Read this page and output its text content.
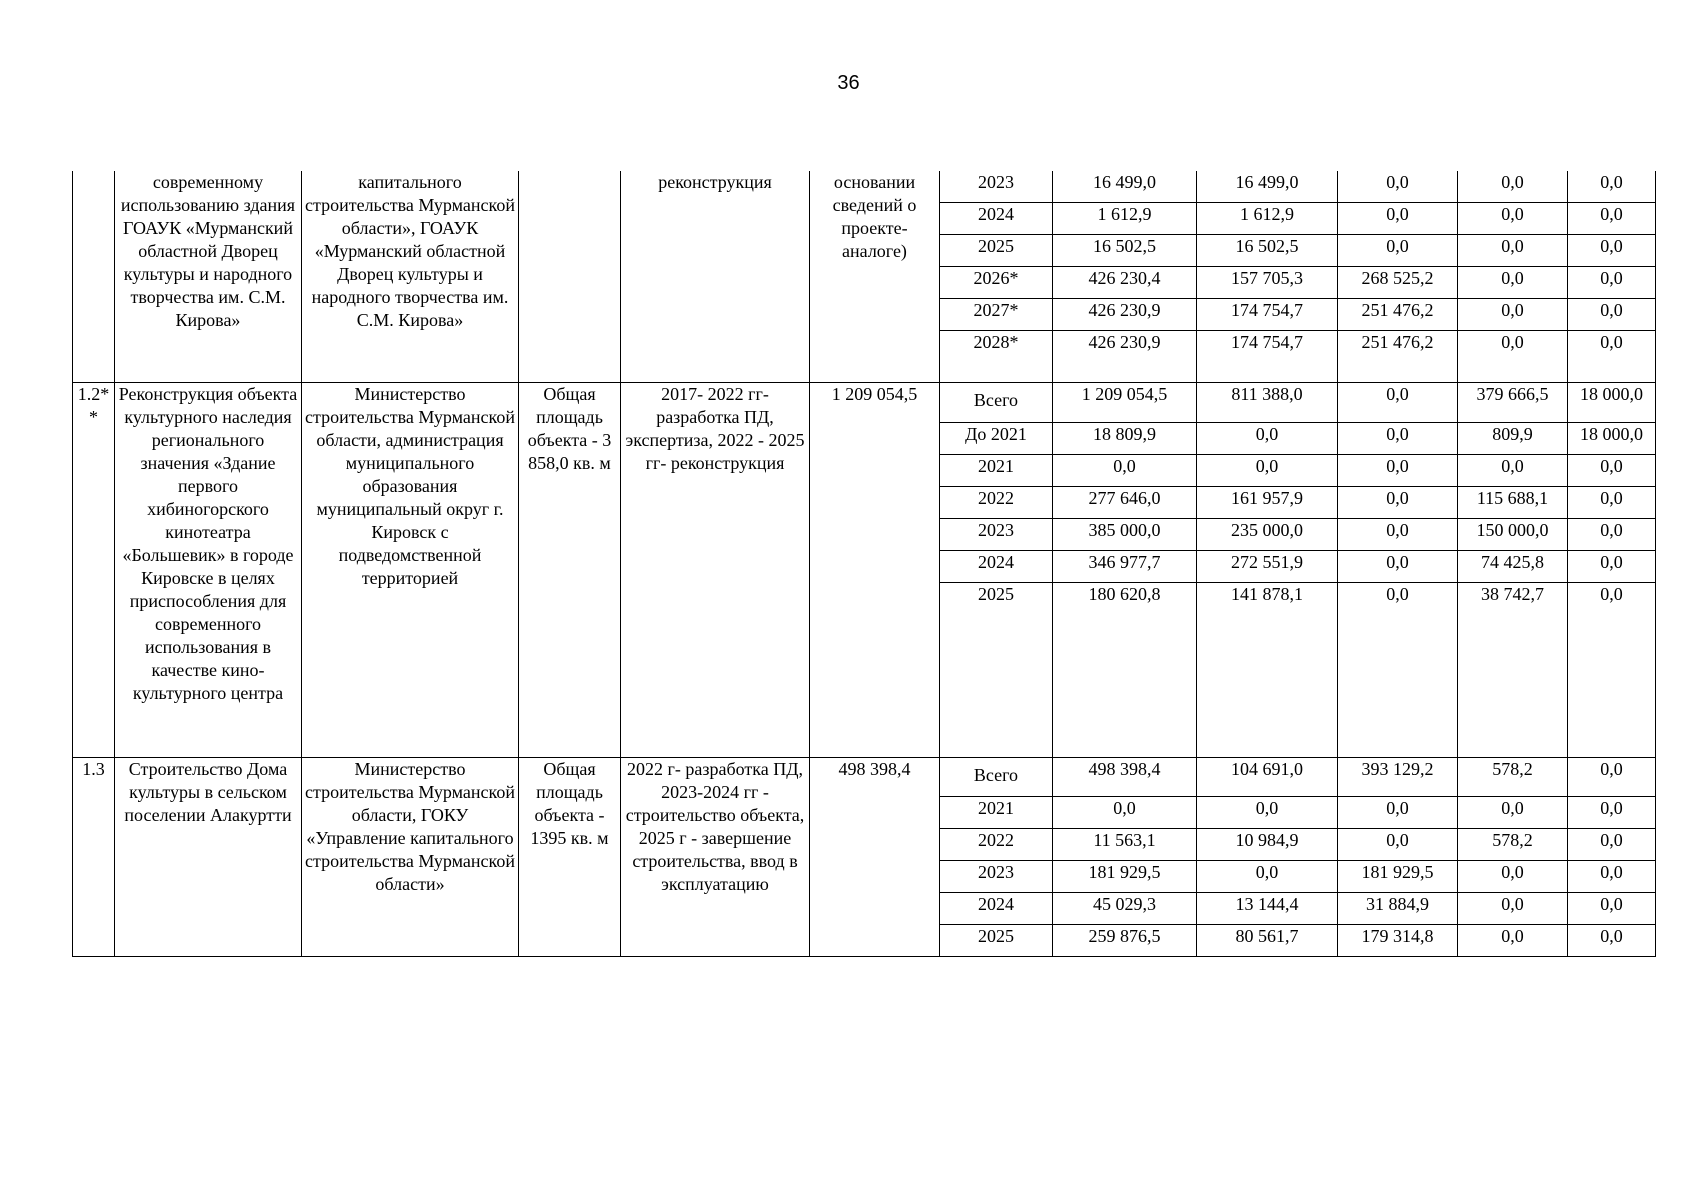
36
	современному использованию здания ГОАУК «Мурманский областной Дворец культуры и народного творчества им. С.М. Кирова»	капитального строительства Мурманской области», ГОАУК «Мурманский областной Дворец культуры и народного творчества им. С.М. Кирова»		реконструкция	основании сведений о проекте-аналоге)	2023	16 499,0	16 499,0	0,0	0,0	0,0
						2024	1 612,9	1 612,9	0,0	0,0	0,0
						2025	16 502,5	16 502,5	0,0	0,0	0,0
						2026*	426 230,4	157 705,3	268 525,2	0,0	0,0
						2027*	426 230,9	174 754,7	251 476,2	0,0	0,0
						2028*	426 230,9	174 754,7	251 476,2	0,0	0,0
1.2* *	Реконструкция объекта культурного наследия регионального значения «Здание первого хибиногорского кинотеатра «Большевик» в городе Кировске в целях приспособления для современного использования в качестве кино-культурного центра	Министерство строительства Мурманской области, администрация муниципального образования муниципальный округ г. Кировск с подведомственной территорией	Общая площадь объекта - 3 858,0 кв. м	2017- 2022 гг- разработка ПД, экспертиза, 2022 - 2025 гг- реконструкция	1 209 054,5	Всего	1 209 054,5	811 388,0	0,0	379 666,5	18 000,0
						До 2021	18 809,9	0,0	0,0	809,9	18 000,0
						2021	0,0	0,0	0,0	0,0	0,0
						2022	277 646,0	161 957,9	0,0	115 688,1	0,0
						2023	385 000,0	235 000,0	0,0	150 000,0	0,0
						2024	346 977,7	272 551,9	0,0	74 425,8	0,0
						2025	180 620,8	141 878,1	0,0	38 742,7	0,0
1.3	Строительство Дома культуры в сельском поселении Алакуртти	Министерство строительства Мурманской области, ГОКУ «Управление капитального строительства Мурманской области»	Общая площадь объекта - 1395 кв. м	2022 г- разработка ПД, 2023-2024 гг - строительство объекта, 2025 г - завершение строительства, ввод в эксплуатацию	498 398,4	Всего	498 398,4	104 691,0	393 129,2	578,2	0,0
						2021	0,0	0,0	0,0	0,0	0,0
						2022	11 563,1	10 984,9	0,0	578,2	0,0
						2023	181 929,5	0,0	181 929,5	0,0	0,0
						2024	45 029,3	13 144,4	31 884,9	0,0	0,0
						2025	259 876,5	80 561,7	179 314,8	0,0	0,0
